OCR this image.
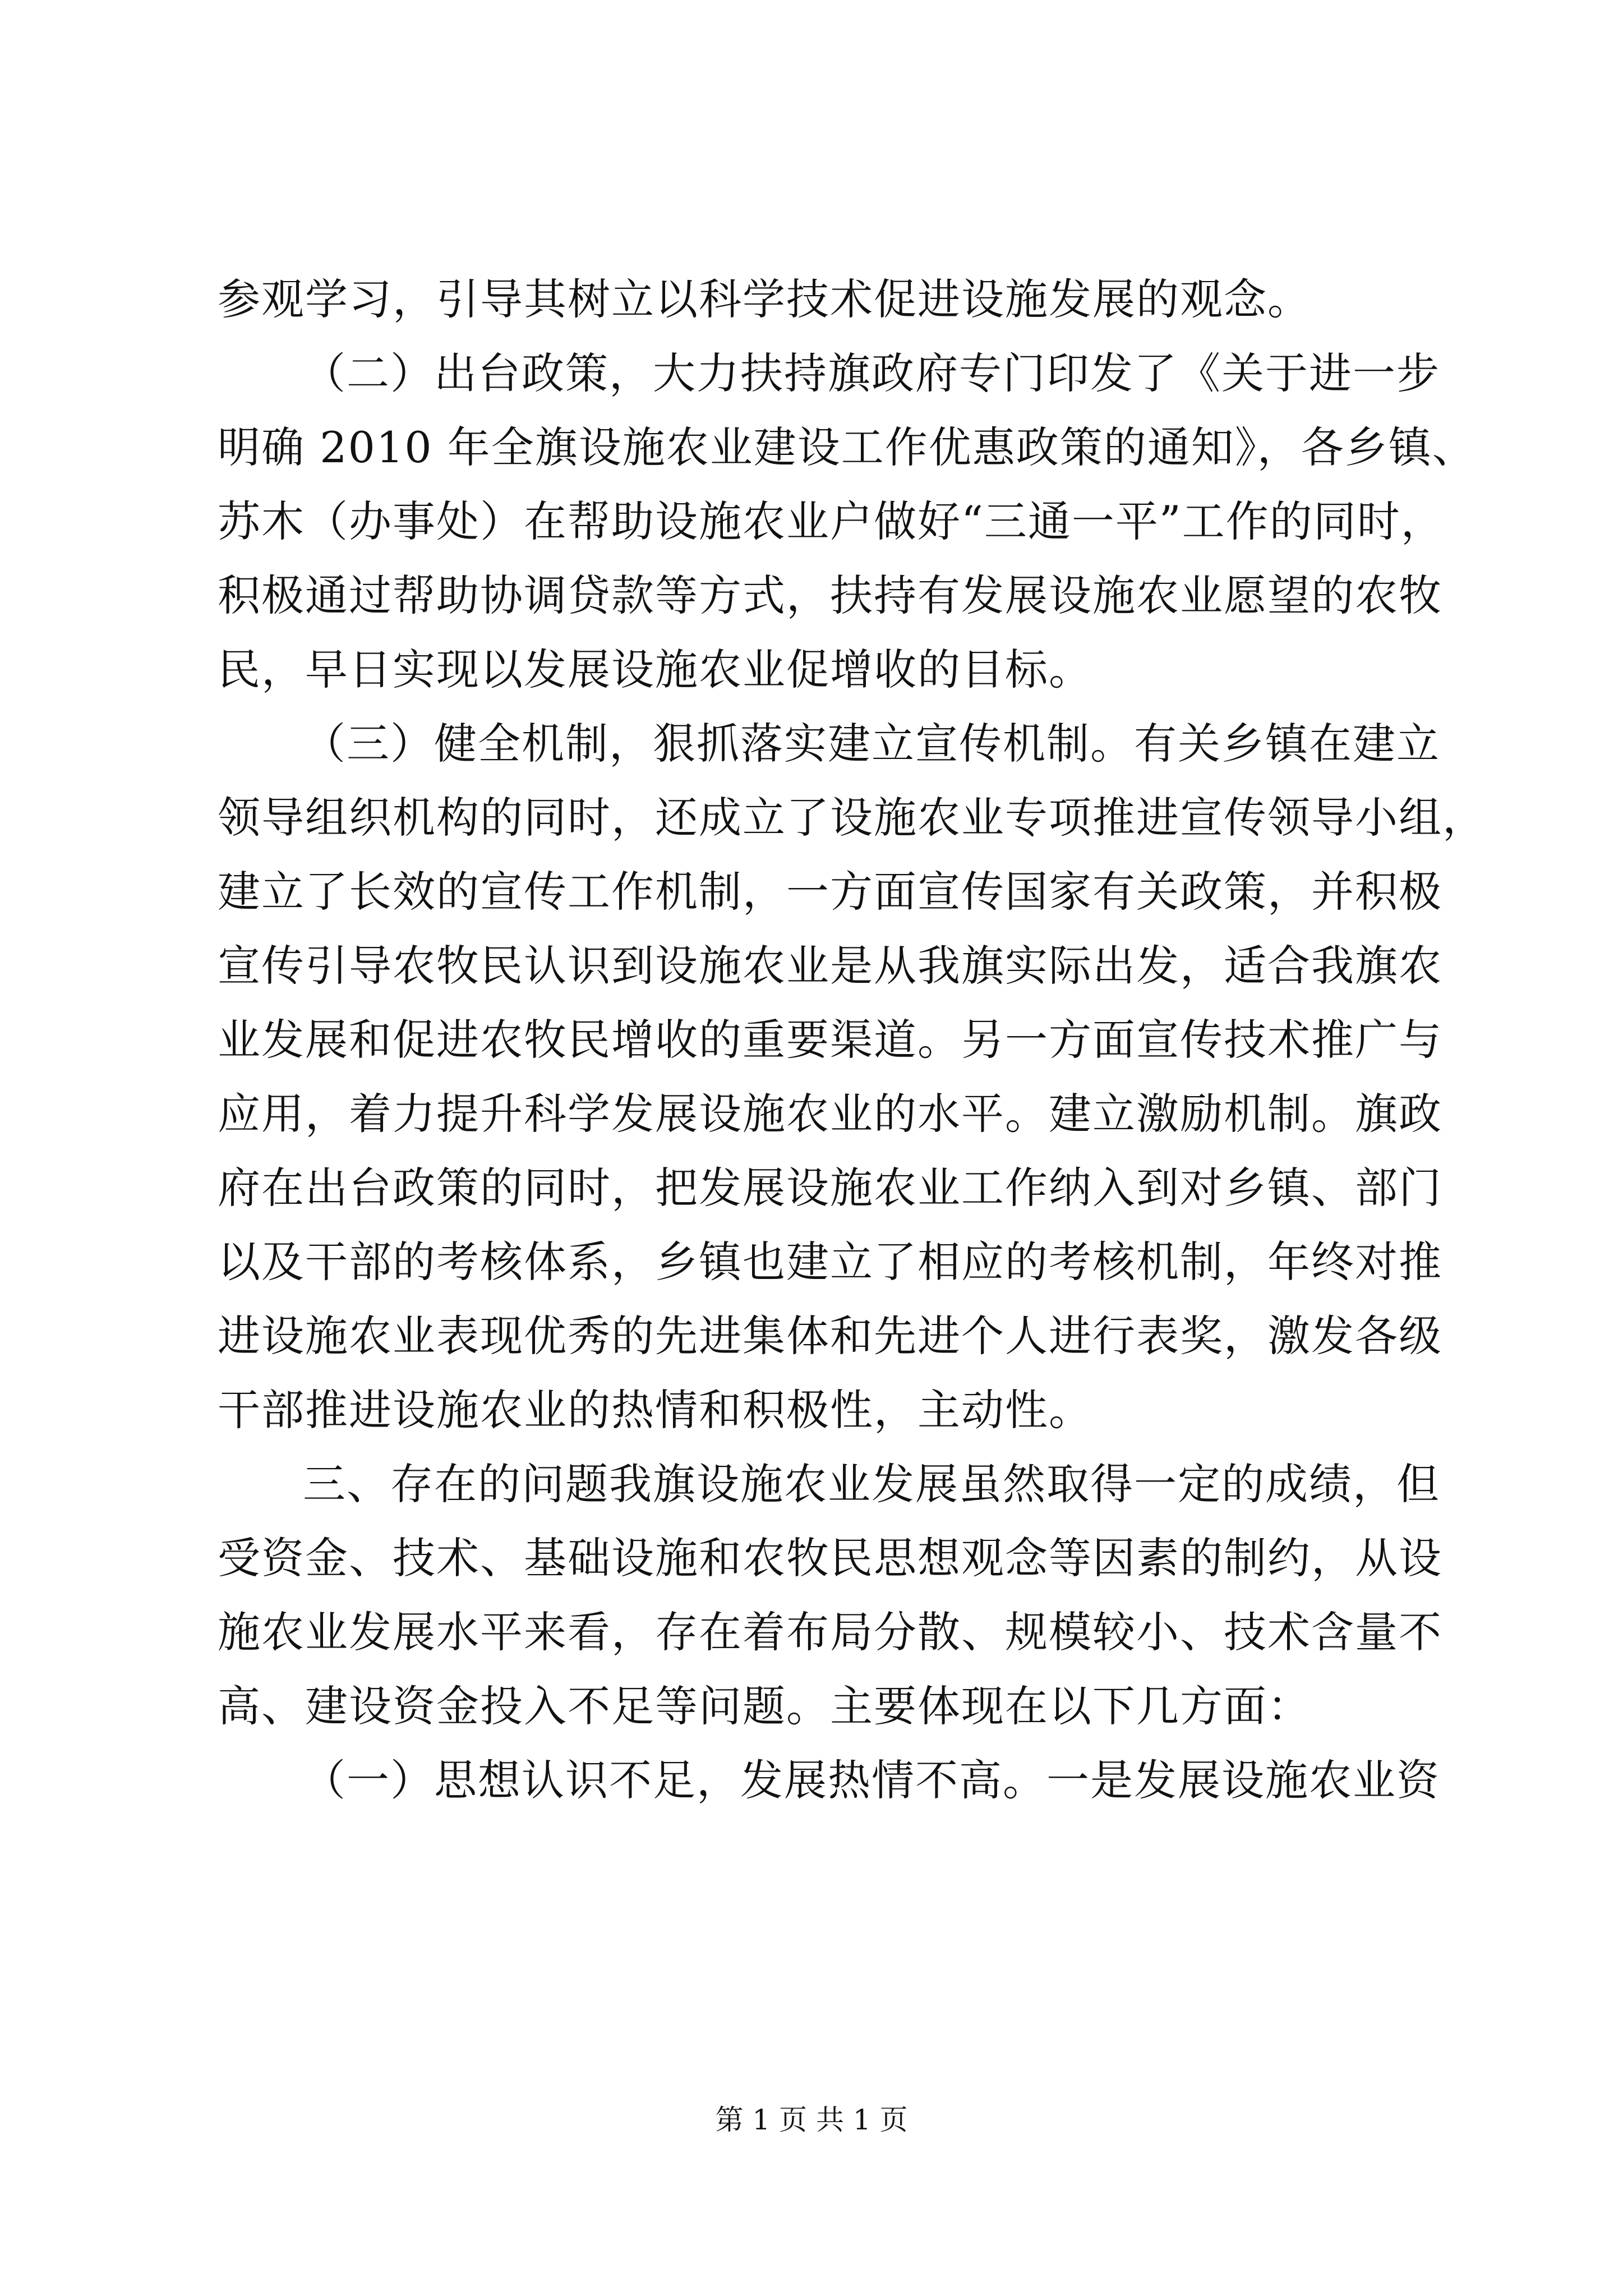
参观学习，引导其树立以科学技术促进设施发展的观念。
（二）出台政策，大力扶持旗政府专门印发了《关于进一步
明确 2010 年全旗设施农业建设工作优惠政策的通知》，各乡镇、
苏木（办事处）在帮助设施农业户做好“三通一平”工作的同时，
积极通过帮助协调贷款等方式，扶持有发展设施农业愿望的农牧
民，早日实现以发展设施农业促增收的目标。
（三）健全机制，狠抓落实建立宣传机制。有关乡镇在建立
领导组织机构的同时，还成立了设施农业专项推进宣传领导小组，
建立了长效的宣传工作机制，一方面宣传国家有关政策，并积极
宣传引导农牧民认识到设施农业是从我旗实际出发，适合我旗农
业发展和促进农牧民增收的重要渠道。另一方面宣传技术推广与
应用，着力提升科学发展设施农业的水平。建立激励机制。旗政
府在出台政策的同时，把发展设施农业工作纳入到对乡镇、部门
以及干部的考核体系，乡镇也建立了相应的考核机制，年终对推
进设施农业表现优秀的先进集体和先进个人进行表奖，激发各级
干部推进设施农业的热情和积极性，主动性。
三、存在的问题我旗设施农业发展虽然取得一定的成绩，但
受资金、技术、基础设施和农牧民思想观念等因素的制约，从设
施农业发展水平来看，存在着布局分散、规模较小、技术含量不
高、建设资金投入不足等问题。主要体现在以下几方面：
（一）思想认识不足，发展热情不高。一是发展设施农业资
第 1 页 共 1 页
